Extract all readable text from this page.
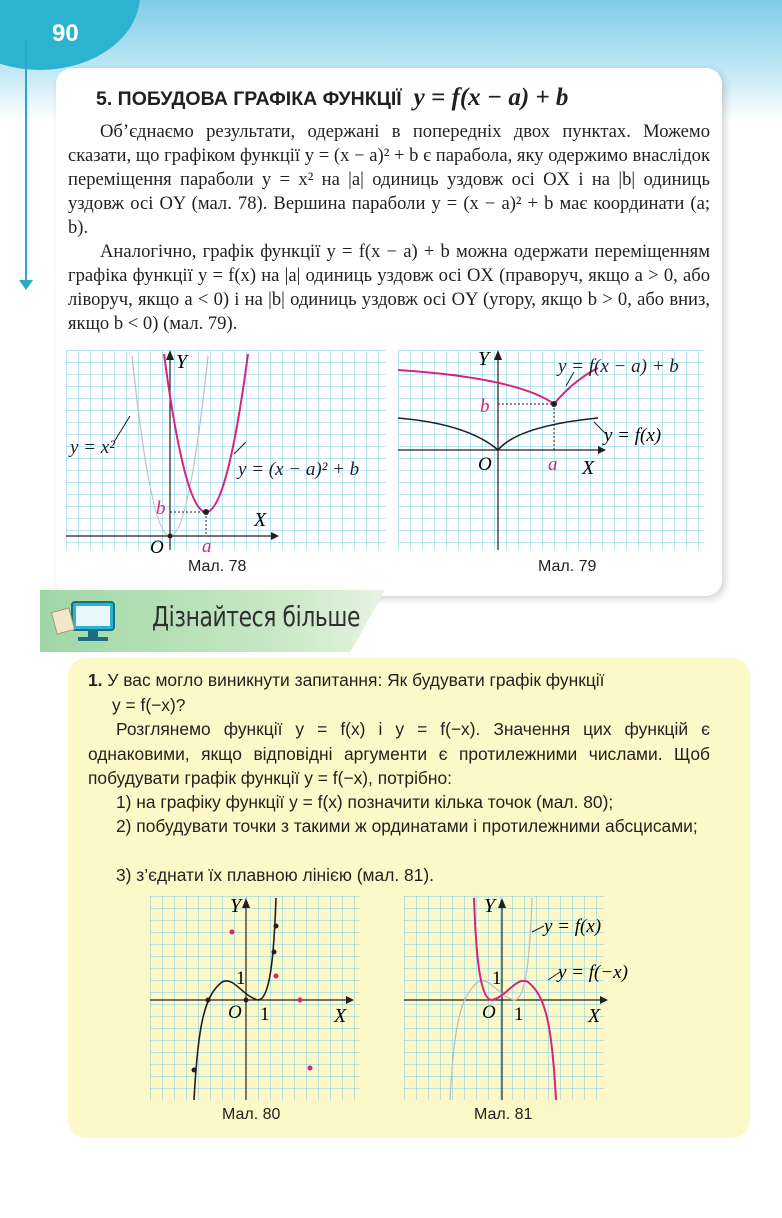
90
5. ПОБУДОВА ГРАФІКА ФУНКЦІЇ y = f(x − a) + b
Об’єднаємо результати, одержані в попередніх двох пунктах. Можемо сказати, що графіком функції y = (x − a)² + b є парабола, яку одержимо внаслідок переміщення параболи y = x² на |a| одиниць уздовж осі OX і на |b| одиниць уздовж осі OY (мал. 78). Вершина параболи y = (x − a)² + b має координати (a; b).
Аналогічно, графік функції y = f(x − a) + b можна одержати переміщенням графіка функції y = f(x) на |a| одиниць уздовж осі OX (праворуч, якщо a > 0, або ліворуч, якщо a < 0) і на |b| одиниць уздовж осі OY (угору, якщо b > 0, або вниз, якщо b < 0) (мал. 79).
y = x²
y = (x − a)² + b
Y
X
O a
b
Мал. 78
y = f(x − a) + b
y = f(x)
Y
X
O	a
b
Мал. 79
Дізнайтеся більше
1. У вас могло виникнути запитання: Як будувати графік функції
y = f(−x)?
Розглянемо функції y = f(x) і y = f(−x). Значення цих функцій є однаковими, якщо відповідні аргументи є протилежними числами. Щоб побудувати графік функції y = f(−x), потрібно:
1) на графіку функції y = f(x) позначити кілька точок (мал. 80);
2) побудувати точки з такими ж ординатами і протилежними абсцисами;
3) з’єднати їх плавною лінією (мал. 81).
Y
X
O 1
1
Мал. 80
y = f(x)
y = f(−x)
Y
X
O 1
1
Мал. 81
